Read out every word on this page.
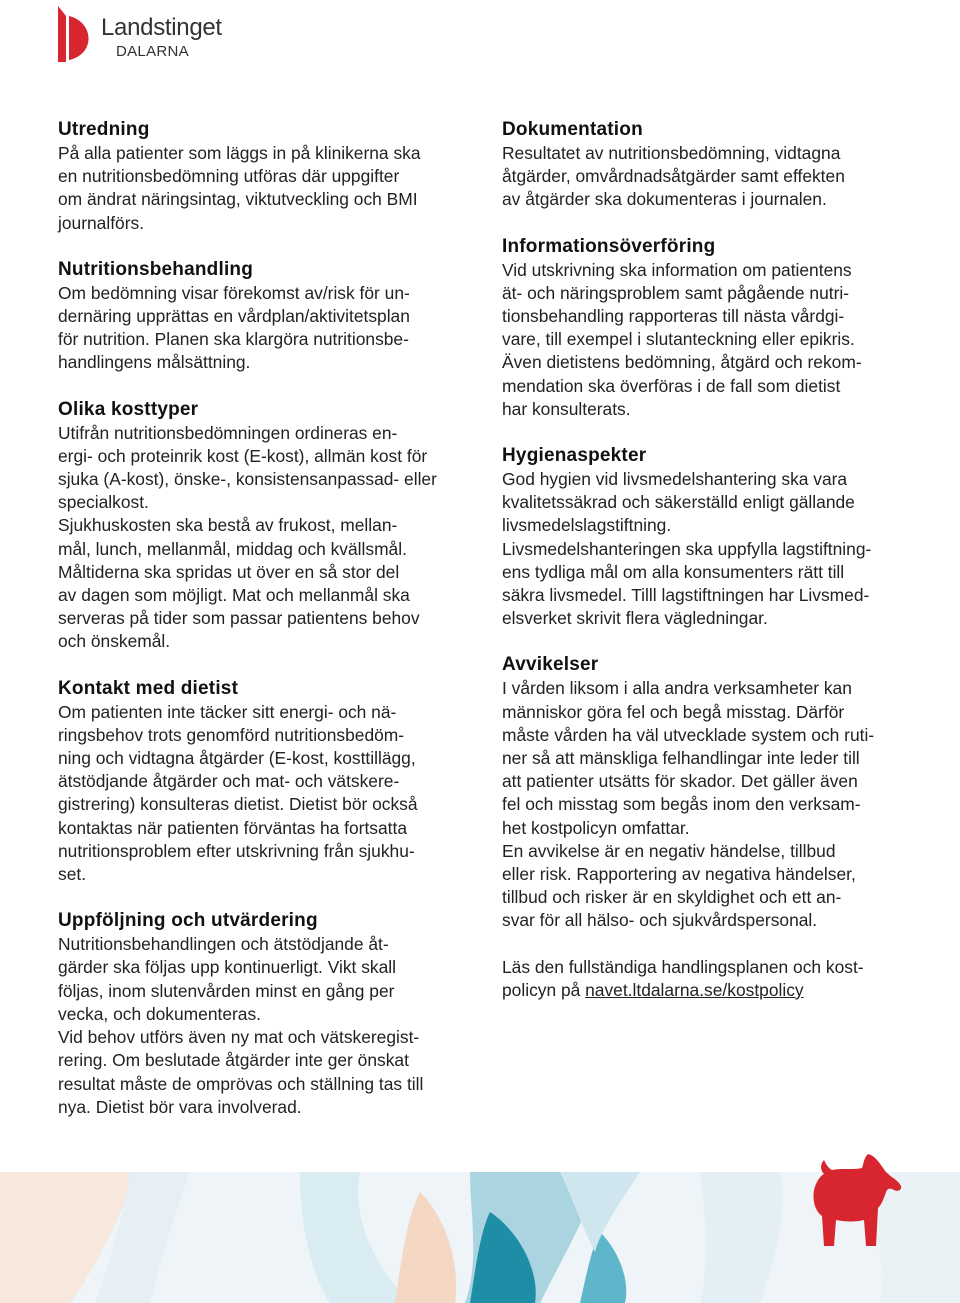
Landstinget
DALARNA
Utredning
På alla patienter som läggs in på klinikerna ska
en nutritionsbedömning utföras där uppgifter
om ändrat näringsintag, viktutveckling och BMI
journalförs.
Nutritionsbehandling
Om bedömning visar förekomst av/risk för un-
dernäring upprättas en vårdplan/aktivitetsplan
för nutrition. Planen ska klargöra nutritionsbe-
handlingens målsättning.
Olika kosttyper
Utifrån nutritionsbedömningen ordineras en-
ergi- och proteinrik kost (E-kost), allmän kost för
sjuka (A-kost), önske-, konsistensanpassad- eller
specialkost.
Sjukhuskosten ska bestå av frukost, mellan-
mål, lunch, mellanmål, middag och kvällsmål.
Måltiderna ska spridas ut över en så stor del
av dagen som möjligt. Mat och mellanmål ska
serveras på tider som passar patientens behov
och önskemål.
Kontakt med dietist
Om patienten inte täcker sitt energi- och nä-
ringsbehov trots genomförd nutritionsbedöm-
ning och vidtagna åtgärder (E-kost, kosttillägg,
ätstödjande åtgärder och mat- och vätskere-
gistrering) konsulteras dietist. Dietist bör också
kontaktas när patienten förväntas ha fortsatta
nutritionsproblem efter utskrivning från sjukhu-
set.
Uppföljning och utvärdering
Nutritionsbehandlingen och ätstödjande åt-
gärder ska följas upp kontinuerligt. Vikt skall
följas, inom slutenvården minst en gång per
vecka, och dokumenteras.
Vid behov utförs även ny mat och vätskeregist-
rering. Om beslutade åtgärder inte ger önskat
resultat måste de omprövas och ställning tas till
nya. Dietist bör vara involverad.
Dokumentation
Resultatet av nutritionsbedömning, vidtagna
åtgärder, omvårdnadsåtgärder samt effekten
av åtgärder ska dokumenteras i journalen.
Informationsöverföring
Vid utskrivning ska information om patientens
ät- och näringsproblem samt pågående nutri-
tionsbehandling rapporteras till nästa vårdgi-
vare, till exempel i slutanteckning eller epikris.
Även dietistens bedömning, åtgärd och rekom-
mendation ska överföras i de fall som dietist
har konsulterats.
Hygienaspekter
God hygien vid livsmedelshantering ska vara
kvalitetssäkrad och säkerställd enligt gällande
livsmedelslagstiftning.
Livsmedelshanteringen ska uppfylla lagstiftning-
ens tydliga mål om alla konsumenters rätt till
säkra livsmedel. Tilll lagstiftningen har Livsmed-
elsverket skrivit flera vägledningar.
Avvikelser
I vården liksom i alla andra verksamheter kan
människor göra fel och begå misstag. Därför
måste vården ha väl utvecklade system och ruti-
ner så att mänskliga felhandlingar inte leder till
att patienter utsätts för skador. Det gäller även
fel och misstag som begås inom den verksam-
het kostpolicyn omfattar.
En avvikelse är en negativ händelse, tillbud
eller risk. Rapportering av negativa händelser,
tillbud och risker är en skyldighet och ett an-
svar för all hälso- och sjukvårdspersonal.
Läs den fullständiga handlingsplanen och kost-
policyn på navet.ltdalarna.se/kostpolicy
